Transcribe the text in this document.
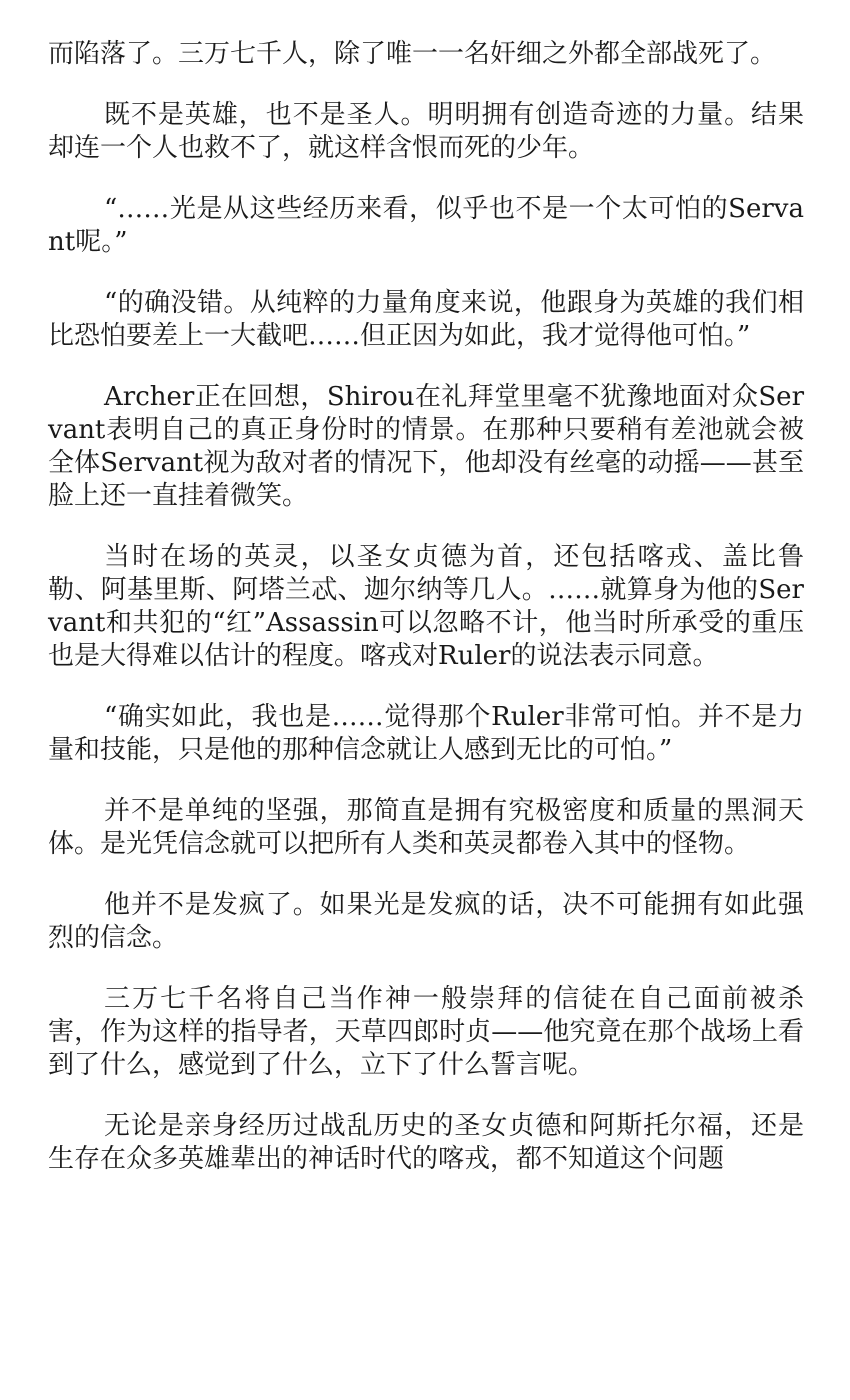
而陷落了。三万七千人，除了唯一一名奸细之外都全部战死了。

既不是英雄，也不是圣人。明明拥有创造奇迹的力量。结果却连一个人也救不了，就这样含恨而死的少年。

“……光是从这些经历来看，似乎也不是一个太可怕的Servant呢。”

“的确没错。从纯粹的力量角度来说，他跟身为英雄的我们相比恐怕要差上一大截吧……但正因为如此，我才觉得他可怕。”

Archer正在回想，Shirou在礼拜堂里毫不犹豫地面对众Servant表明自己的真正身份时的情景。在那种只要稍有差池就会被全体Servant视为敌对者的情况下，他却没有丝毫的动摇——甚至脸上还一直挂着微笑。

当时在场的英灵，以圣女贞德为首，还包括喀戎、盖比鲁勒、阿基里斯、阿塔兰忒、迦尔纳等几人。……就算身为他的Servant和共犯的“红”Assassin可以忽略不计，他当时所承受的重压也是大得难以估计的程度。喀戎对Ruler的说法表示同意。

“确实如此，我也是……觉得那个Ruler非常可怕。并不是力量和技能，只是他的那种信念就让人感到无比的可怕。”

并不是单纯的坚强，那简直是拥有究极密度和质量的黑洞天体。是光凭信念就可以把所有人类和英灵都卷入其中的怪物。

他并不是发疯了。如果光是发疯的话，决不可能拥有如此强烈的信念。

三万七千名将自己当作神一般崇拜的信徒在自己面前被杀害，作为这样的指导者，天草四郎时贞——他究竟在那个战场上看到了什么，感觉到了什么，立下了什么誓言呢。

无论是亲身经历过战乱历史的圣女贞德和阿斯托尔福，还是生存在众多英雄辈出的神话时代的喀戎，都不知道这个问题
